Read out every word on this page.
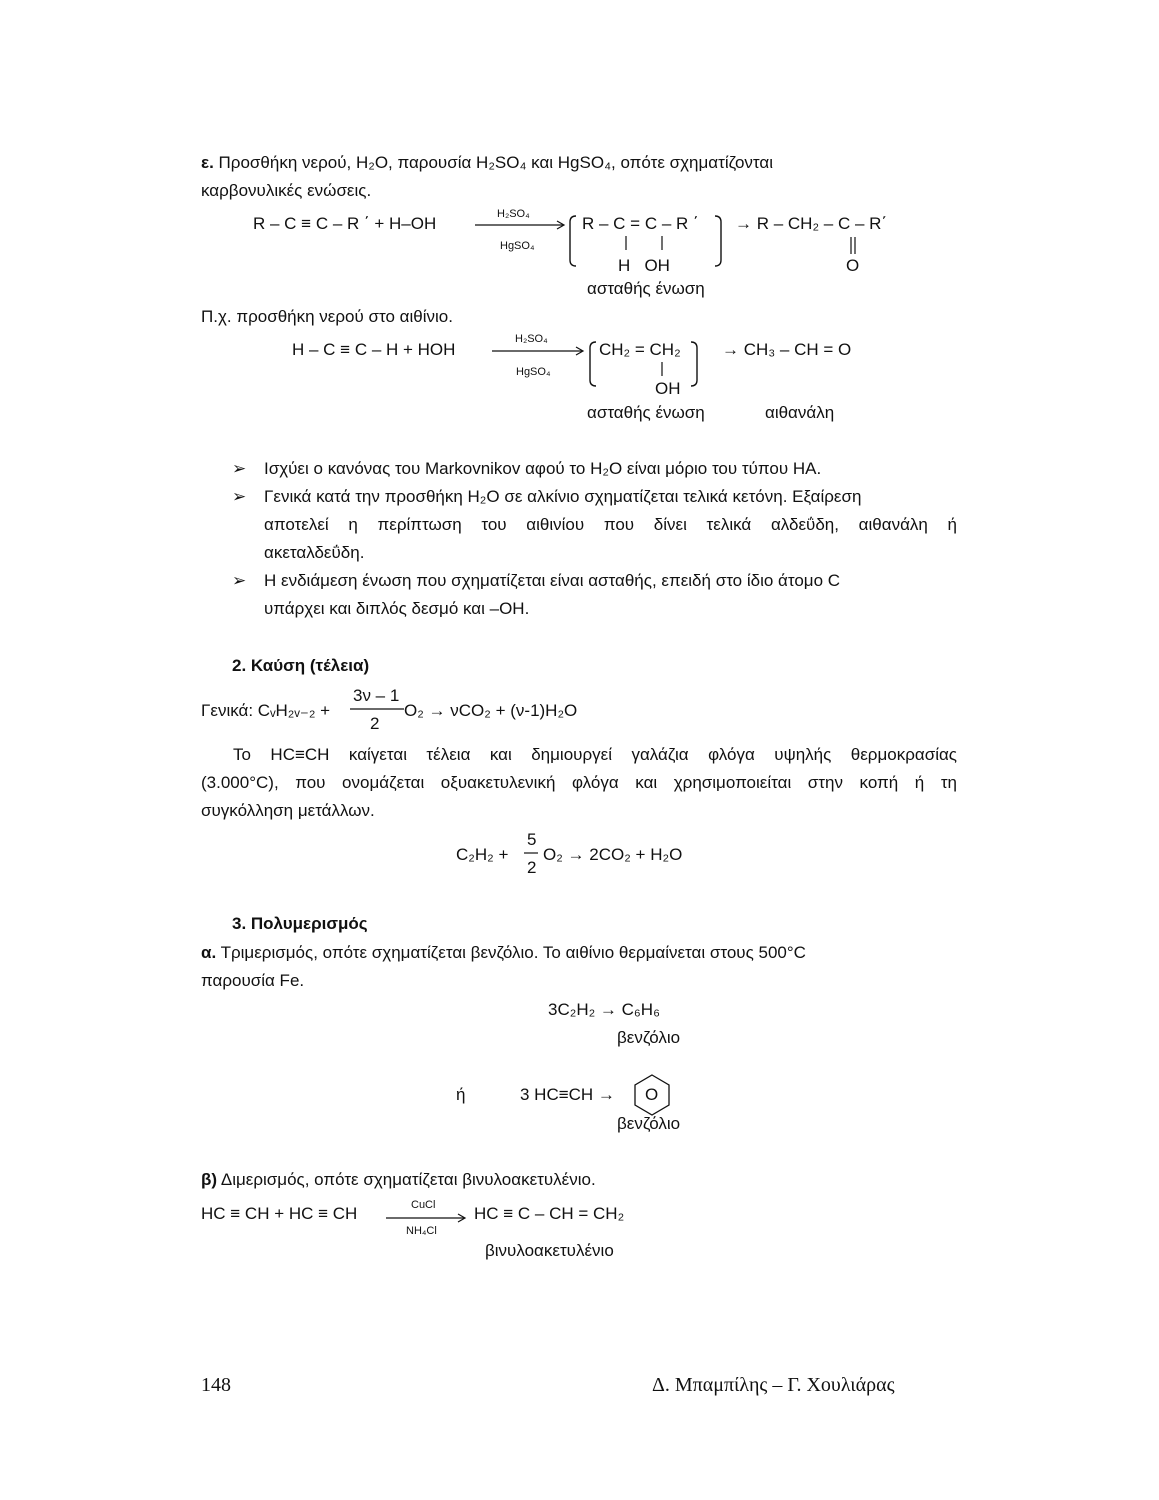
ε. Προσθήκη νερού, H₂O, παρουσία H₂SO₄ και HgSO₄, οπότε σχηματίζονται
καρβονυλικές ενώσεις.
R – C ≡ C – R ΄ + H–OH	H₂SO₄
HgSO₄
R – C = C – R ΄
H   OH
→ R – CH₂ – C – R΄
O
ασταθής ένωση
Π.χ. προσθήκη νερού στο αιθίνιο.
H – C ≡ C – H + HOH
H₂SO₄
HgSO₄
CH₂ = CH₂
OH
→ CH₃ – CH = O
ασταθής ένωση	αιθανάλη
➢ Ισχύει ο κανόνας του Markovnikov αφού το H₂O είναι μόριο του τύπου HA.
➢ Γενικά κατά την προσθήκη H₂O σε αλκίνιο σχηματίζεται τελικά κετόνη. Εξαίρεση
αποτελεί η περίπτωση του αιθινίου που δίνει τελικά αλδεΰδη, αιθανάλη ή
ακεταλδεΰδη.
➢ Η ενδιάμεση ένωση που σχηματίζεται είναι ασταθής, επειδή στο ίδιο άτομο C
υπάρχει και διπλός δεσμό και –OH.
2. Καύση (τέλεια)
Γενικά: CᵥH₂ᵥ₋₂ +
3ν – 1
2
O₂ → νCO₂ + (ν-1)H₂O
Το HC≡CH καίγεται τέλεια και δημιουργεί γαλάζια φλόγα υψηλής θερμοκρασίας
(3.000°C), που ονομάζεται οξυακετυλενική φλόγα και χρησιμοποιείται στην κοπή ή τη
συγκόλληση μετάλλων.
C₂H₂ +
5
2
O₂ → 2CO₂ + H₂O
3. Πολυμερισμός
α. Τριμερισμός, οπότε σχηματίζεται βενζόλιο. Το αιθίνιο θερμαίνεται στους 500°C
παρουσία Fe.
3C₂H₂ → C₆H₆
βενζόλιο
ή	3 HC≡CH → O
βενζόλιο
β) Διμερισμός, οπότε σχηματίζεται βινυλοακετυλένιο.
HC ≡ CH + HC ≡ CH	CuCl
NH₄Cl
HC ≡ C – CH = CH₂
βινυλοακετυλένιο
148	Δ. Μπαμπίλης – Γ. Χουλιάρας
